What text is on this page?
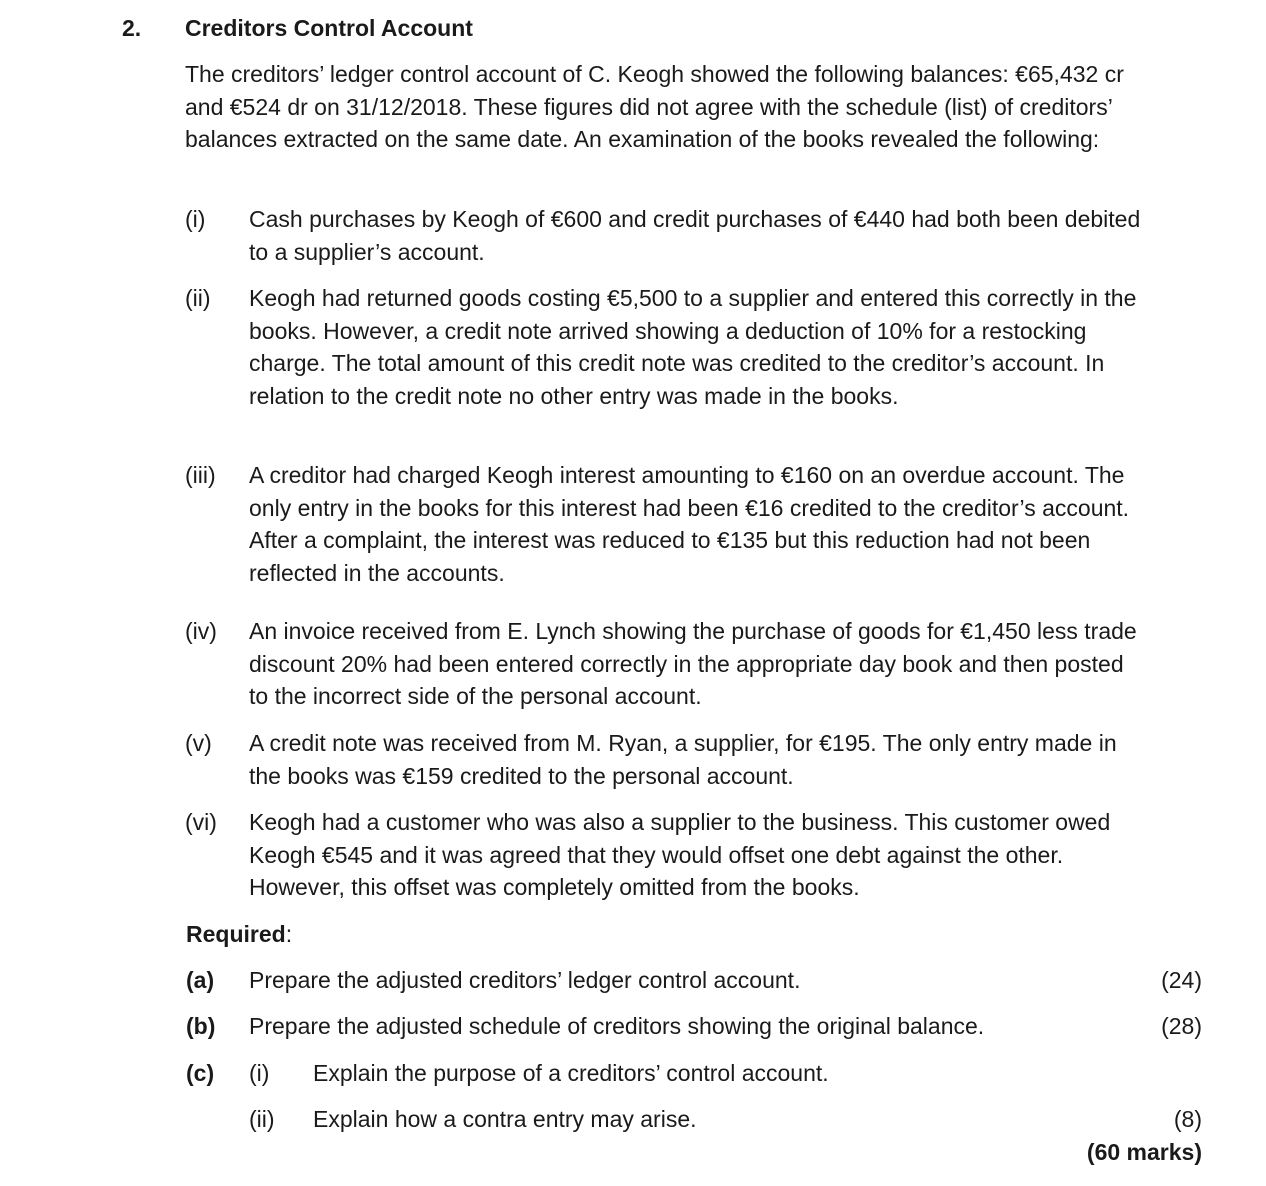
2. Creditors Control Account
The creditors’ ledger control account of C. Keogh showed the following balances: €65,432 cr and €524 dr on 31/12/2018. These figures did not agree with the schedule (list) of creditors’ balances extracted on the same date. An examination of the books revealed the following:
(i) Cash purchases by Keogh of €600 and credit purchases of €440 had both been debited to a supplier’s account.
(ii) Keogh had returned goods costing €5,500 to a supplier and entered this correctly in the books. However, a credit note arrived showing a deduction of 10% for a restocking charge. The total amount of this credit note was credited to the creditor’s account. In relation to the credit note no other entry was made in the books.
(iii) A creditor had charged Keogh interest amounting to €160 on an overdue account. The only entry in the books for this interest had been €16 credited to the creditor’s account. After a complaint, the interest was reduced to €135 but this reduction had not been reflected in the accounts.
(iv) An invoice received from E. Lynch showing the purchase of goods for €1,450 less trade discount 20% had been entered correctly in the appropriate day book and then posted to the incorrect side of the personal account.
(v) A credit note was received from M. Ryan, a supplier, for €195. The only entry made in the books was €159 credited to the personal account.
(vi) Keogh had a customer who was also a supplier to the business. This customer owed Keogh €545 and it was agreed that they would offset one debt against the other. However, this offset was completely omitted from the books.
Required:
(a) Prepare the adjusted creditors’ ledger control account.	(24)
(b) Prepare the adjusted schedule of creditors showing the original balance.	(28)
(c) (i) Explain the purpose of a creditors’ control account.
(ii) Explain how a contra entry may arise.	(8)
(60 marks)
